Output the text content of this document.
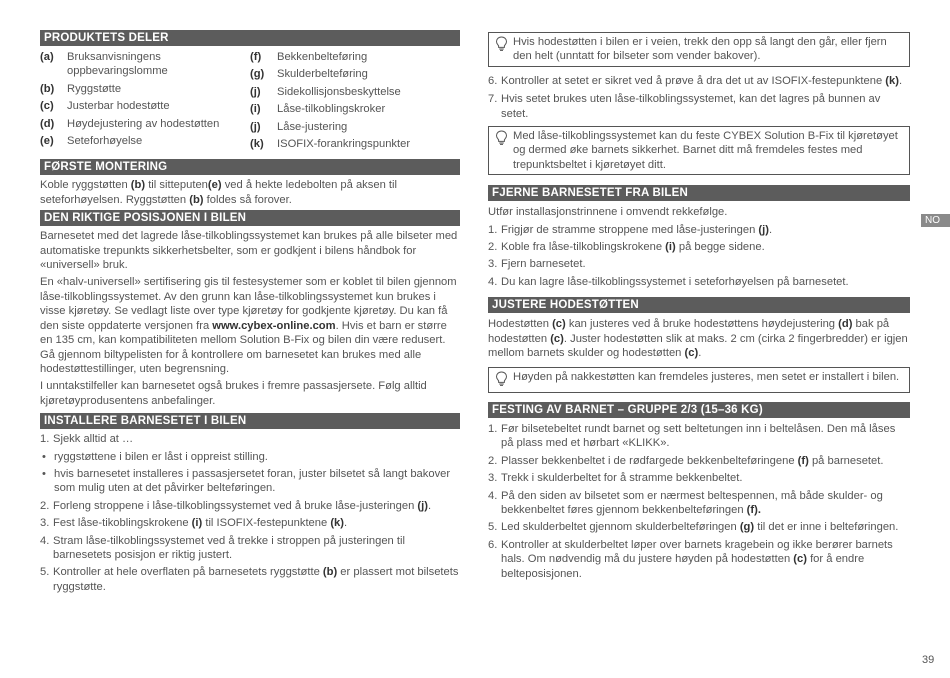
PRODUKTETS DELER
(a)	Bruksanvisningens oppbevaringslomme
(b)	Ryggstøtte
(c)	Justerbar hodestøtte
(d)	Høydejustering av hodestøtten
(e)	Seteforhøyelse
(f)	Bekkenbelteføring
(g)	Skulderbelteføring
(j)	Sidekollisjonsbeskyttelse
(i)	Låse-tilkoblingskroker
(j)	Låse-justering
(k)	ISOFIX-forankringspunkter
FØRSTE MONTERING

Koble ryggstøtten (b) til sitteputen(e) ved å hekte ledebolten på aksen til seteforhøyelsen. Ryggstøtten (b) foldes så forover.

DEN RIKTIGE POSISJONEN I BILEN

Barnesetet med det lagrede låse-tilkoblingssystemet kan brukes på alle bilseter med automatiske trepunkts sikkerhetsbelter, som er godkjent i bilens håndbok for «universell» bruk.

En «halv-universell» sertifisering gis til festesystemer som er koblet til bilen gjennom låse-tilkoblingssystemet. Av den grunn kan låse-tilkoblingssystemet kun brukes i visse kjøretøy. Se vedlagt liste over type kjøretøy for godkjente kjøretøy. Du kan få den siste oppdaterte versjonen fra www.cybex-online.com. Hvis et barn er større en 135 cm, kan kompatibiliteten mellom Solution B-Fix og bilen din være redusert. Gå gjennom biltypelisten for å kontrollere om barnesetet kan brukes med alle hodestøttestillinger, uten begrensning.

I unntakstilfeller kan barnesetet også brukes i fremre passasjersete. Følg alltid kjøretøyprodusentens anbefalinger.

INSTALLERE BARNESETET I BILEN
1. Sjekk alltid at …
• ryggstøttene i bilen er låst i oppreist stilling.
• hvis barnesetet installeres i passasjersetet foran, juster bilsetet så langt bakover som mulig uten at det påvirker belteføringen.
2. Forleng stroppene i låse-tilkoblingssystemet ved å bruke låse-justeringen (j).
3. Fest låse-tikoblingskrokene (i) til ISOFIX-festepunktene (k).
4. Stram låse-tilkoblingssystemet ved å trekke i stroppen på justeringen til barnesetets posisjon er riktig justert.
5. Kontroller at hele overflaten på barnesetets ryggstøtte (b) er plassert mot bilsetets ryggstøtte.
Hvis hodestøtten i bilen er i veien, trekk den opp så langt den går, eller fjern den helt (unntatt for bilseter som vender bakover).
6. Kontroller at setet er sikret ved å prøve å dra det ut av ISOFIX-festepunktene (k).
7. Hvis setet brukes uten låse-tilkoblingssystemet, kan det lagres på bunnen av setet.
Med låse-tilkoblingssystemet kan du feste CYBEX Solution B-Fix til kjøretøyet og dermed øke barnets sikkerhet. Barnet ditt må fremdeles festes med trepunktsbeltet i kjøretøyet ditt.
FJERNE BARNESETET FRA BILEN

Utfør installasjonstrinnene i omvendt rekkefølge.

1. Frigjør de stramme stroppene med låse-justeringen (j).
2. Koble fra låse-tilkoblingskrokene (i) på begge sidene.
3. Fjern barnesetet.
4. Du kan lagre låse-tilkoblingssystemet i seteforhøyelsen på barnesetet.
JUSTERE HODESTØTTEN

Hodestøtten (c) kan justeres ved å bruke hodestøttens høydejustering (d) bak på hodestøtten (c). Juster hodestøtten slik at maks. 2 cm (cirka 2 fingerbredder) er igjen mellom barnets skulder og hodestøtten (c).

Høyden på nakkestøtten kan fremdeles justeres, men setet er installert i bilen.
FESTING AV BARNET – GRUPPE 2/3 (15–36 KG)
1. Før bilsetebeltet rundt barnet og sett beltetungen inn i beltelåsen. Den må låses på plass med et hørbart «KLIKK».
2. Plasser bekkenbeltet i de rødfargede bekkenbelteføringene (f) på barnesetet.
3. Trekk i skulderbeltet for å stramme bekkenbeltet.
4. På den siden av bilsetet som er nærmest beltespennen, må både skulder- og bekkenbeltet føres gjennom bekkenbelteføringen (f).
5. Led skulderbeltet gjennom skulderbelteføringen (g) til det er inne i belteføringen.
6. Kontroller at skulderbeltet løper over barnets kragebein og ikke berører barnets hals. Om nødvendig må du justere høyden på hodestøtten (c) for å endre belteposisjonen.
NO
39
